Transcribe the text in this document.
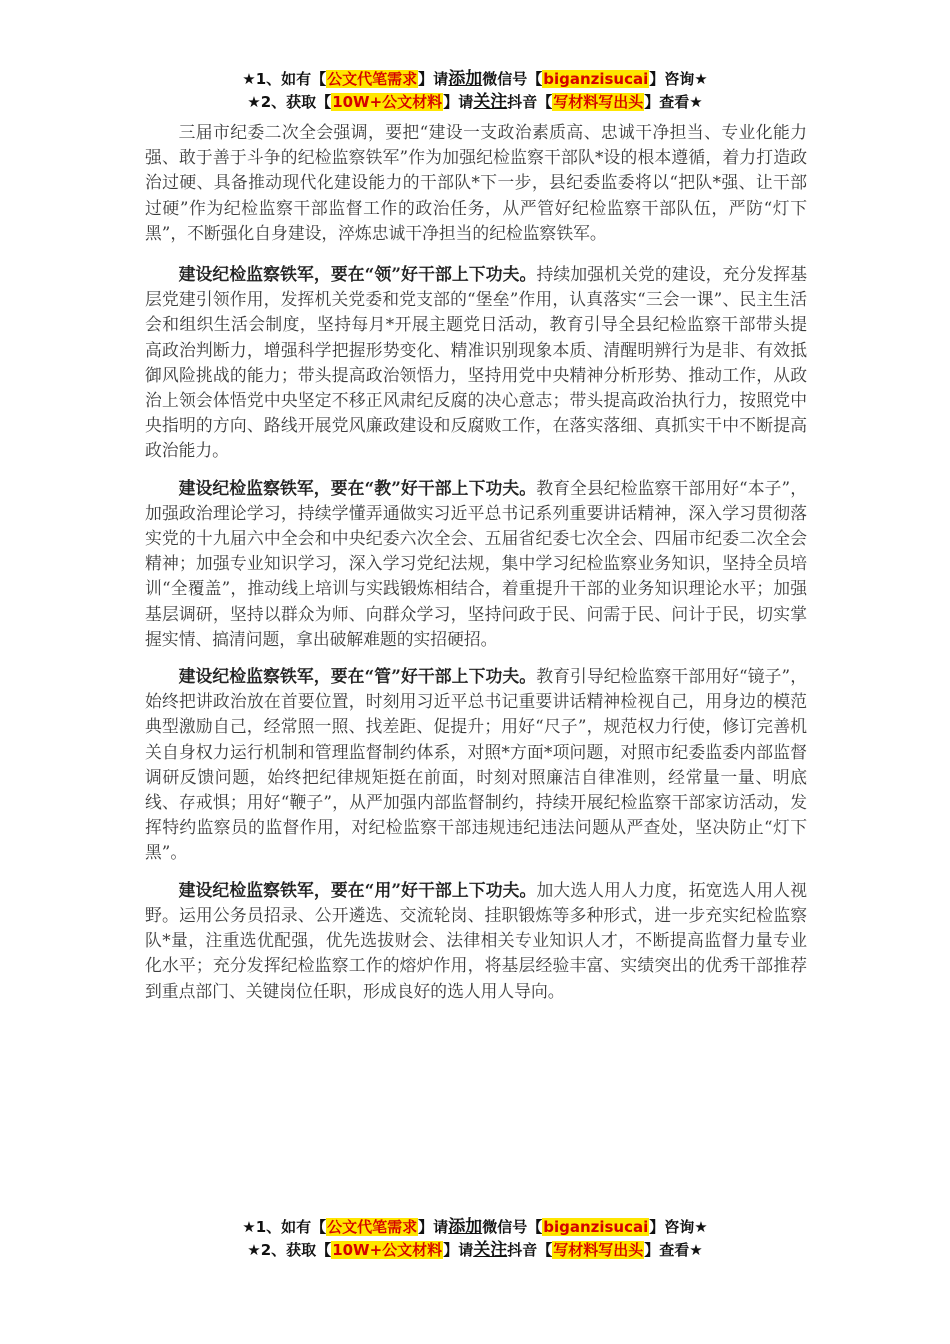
★1、如有【公文代笔需求】请添加微信号【biganzisucai】咨询★
★2、获取【10W+公文材料】请关注抖音【写材料写出头】查看★

三届市纪委二次全会强调，要把“建设一支政治素质高、忠诚干净担当、专业化能力强、敢于善于斗争的纪检监察铁军”作为加强纪检监察干部队*设的根本遵循，着力打造政治过硬、具备推动现代化建设能力的干部队*下一步，县纪委监委将以“把队*强、让干部过硬”作为纪检监察干部监督工作的政治任务，从严管好纪检监察干部队伍，严防“灯下黑”，不断强化自身建设，淬炼忠诚干净担当的纪检监察铁军。

建设纪检监察铁军，要在“领”好干部上下功夫。持续加强机关党的建设，充分发挥基层党建引领作用，发挥机关党委和党支部的“堡垒”作用，认真落实“三会一课”、民主生活会和组织生活会制度，坚持每月*开展主题党日活动，教育引导全县纪检监察干部带头提高政治判断力，增强科学把握形势变化、精准识别现象本质、清醒明辨行为是非、有效抵御风险挑战的能力；带头提高政治领悟力，坚持用党中央精神分析形势、推动工作，从政治上领会体悟党中央坚定不移正风肃纪反腐的决心意志；带头提高政治执行力，按照党中央指明的方向、路线开展党风廉政建设和反腐败工作，在落实落细、真抓实干中不断提高政治能力。

建设纪检监察铁军，要在“教”好干部上下功夫。教育全县纪检监察干部用好“本子”，加强政治理论学习，持续学懂弄通做实习近平总书记系列重要讲话精神，深入学习贯彻落实党的十九届六中全会和中央纪委六次全会、五届省纪委七次全会、四届市纪委二次全会精神；加强专业知识学习，深入学习党纪法规，集中学习纪检监察业务知识，坚持全员培训“全覆盖”，推动线上培训与实践锻炼相结合，着重提升干部的业务知识理论水平；加强基层调研，坚持以群众为师、向群众学习，坚持问政于民、问需于民、问计于民，切实掌握实情、搞清问题，拿出破解难题的实招硬招。

建设纪检监察铁军，要在“管”好干部上下功夫。教育引导纪检监察干部用好“镜子”，始终把讲政治放在首要位置，时刻用习近平总书记重要讲话精神检视自己，用身边的模范典型激励自己，经常照一照、找差距、促提升；用好“尺子”，规范权力行使，修订完善机关自身权力运行机制和管理监督制约体系，对照*方面*项问题，对照市纪委监委内部监督调研反馈问题，始终把纪律规矩挺在前面，时刻对照廉洁自律准则，经常量一量、明底线、存戒惧；用好“鞭子”，从严加强内部监督制约，持续开展纪检监察干部家访活动，发挥特约监察员的监督作用，对纪检监察干部违规违纪违法问题从严查处，坚决防止“灯下黑”。

建设纪检监察铁军，要在“用”好干部上下功夫。加大选人用人力度，拓宽选人用人视野。运用公务员招录、公开遴选、交流轮岗、挂职锻炼等多种形式，进一步充实纪检监察队*量，注重选优配强，优先选拔财会、法律相关专业知识人才，不断提高监督力量专业化水平；充分发挥纪检监察工作的熔炉作用，将基层经验丰富、实绩突出的优秀干部推荐到重点部门、关键岗位任职，形成良好的选人用人导向。

★1、如有【公文代笔需求】请添加微信号【biganzisucai】咨询★
★2、获取【10W+公文材料】请关注抖音【写材料写出头】查看★
